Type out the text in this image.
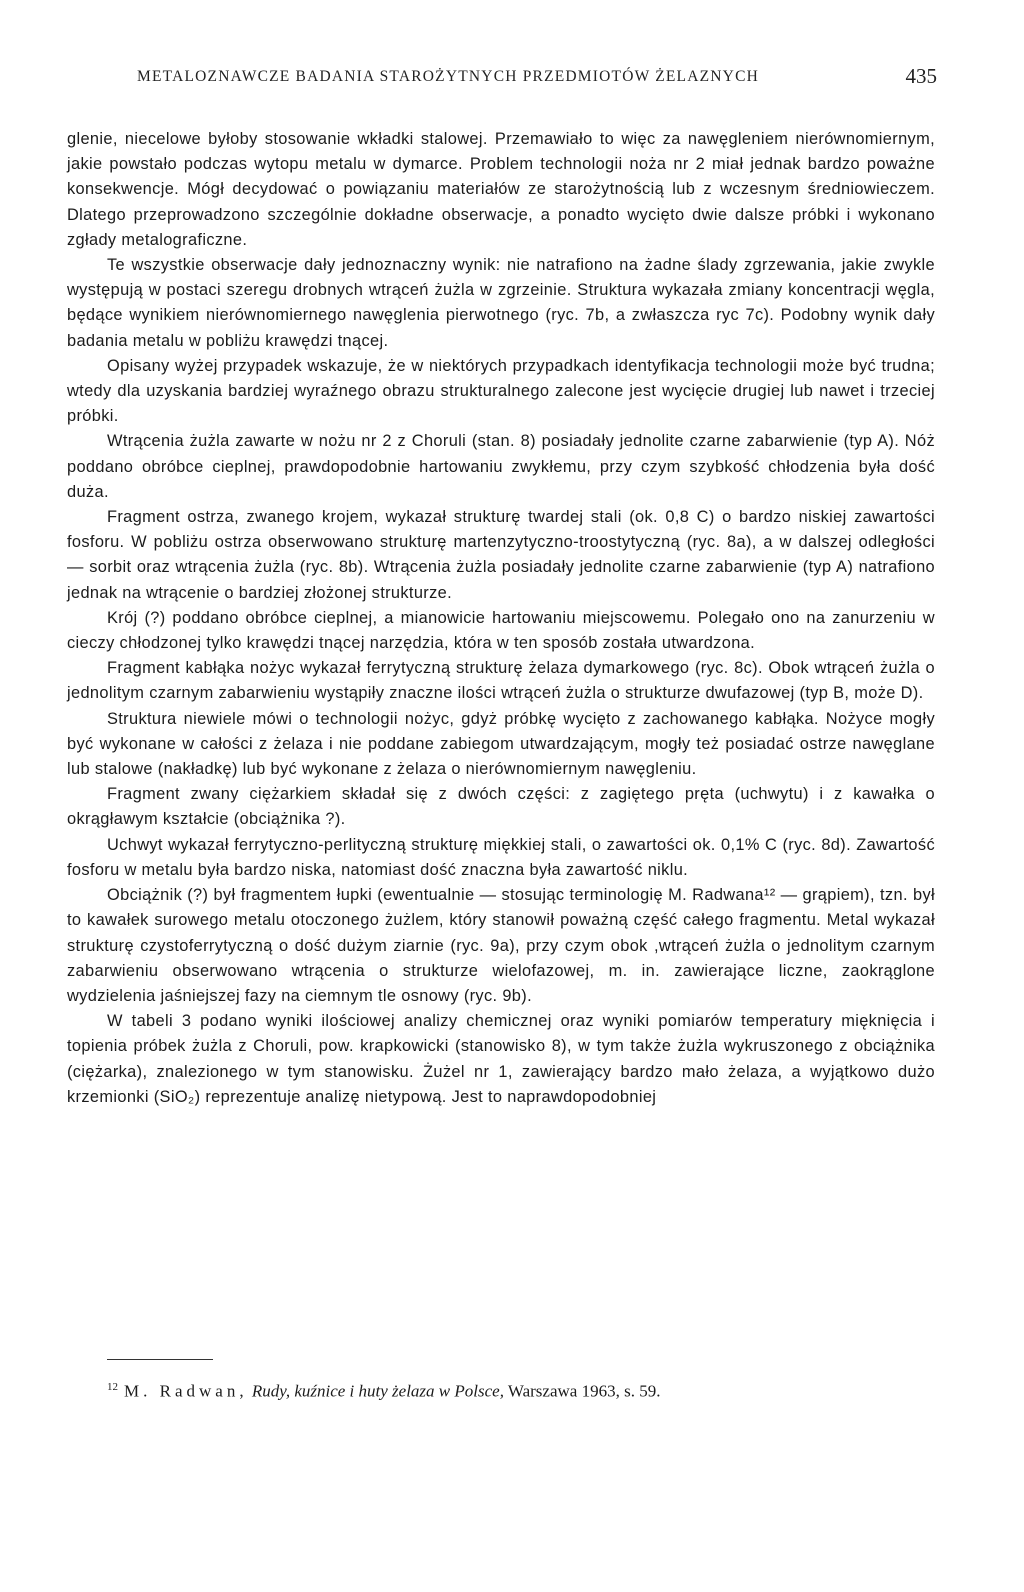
METALOZNAWCZE BADANIA STAROŻYTNYCH PRZEDMIOTÓW ŻELAZNYCH	435

glenie, niecelowe byłoby stosowanie wkładki stalowej. Przemawiało to więc za nawęgleniem nierównomiernym, jakie powstało podczas wytopu metalu w dymarce. Problem technologii noża nr 2 miał jednak bardzo poważne konsekwencje. Mógł decydować o powiązaniu materiałów ze starożytnością lub z wczesnym średniowieczem. Dlatego przeprowadzono szczególnie dokładne obserwacje, a ponadto wycięto dwie dalsze próbki i wykonano zgłady metalograficzne.

Te wszystkie obserwacje dały jednoznaczny wynik: nie natrafiono na żadne ślady zgrzewania, jakie zwykle występują w postaci szeregu drobnych wtrąceń żużla w zgrzeinie. Struktura wykazała zmiany koncentracji węgla, będące wynikiem nierównomiernego nawęglenia pierwotnego (ryc. 7b, a zwłaszcza ryc 7c). Podobny wynik dały badania metalu w pobliżu krawędzi tnącej.

Opisany wyżej przypadek wskazuje, że w niektórych przypadkach identyfikacja technologii może być trudna; wtedy dla uzyskania bardziej wyraźnego obrazu strukturalnego zalecone jest wycięcie drugiej lub nawet i trzeciej próbki.

Wtrącenia żużla zawarte w nożu nr 2 z Choruli (stan. 8) posiadały jednolite czarne zabarwienie (typ A). Nóż poddano obróbce cieplnej, prawdopodobnie hartowaniu zwykłemu, przy czym szybkość chłodzenia była dość duża.

Fragment ostrza, zwanego krojem, wykazał strukturę twardej stali (ok. 0,8 C) o bardzo niskiej zawartości fosforu. W pobliżu ostrza obserwowano strukturę martenzytyczno-troostytyczną (ryc. 8a), a w dalszej odległości — sorbit oraz wtrącenia żużla (ryc. 8b). Wtrącenia żużla posiadały jednolite czarne zabarwienie (typ A) natrafiono jednak na wtrącenie o bardziej złożonej strukturze.

Krój (?) poddano obróbce cieplnej, a mianowicie hartowaniu miejscowemu. Polegało ono na zanurzeniu w cieczy chłodzonej tylko krawędzi tnącej narzędzia, która w ten sposób została utwardzona.

Fragment kabłąka nożyc wykazał ferrytyczną strukturę żelaza dymarkowego (ryc. 8c). Obok wtrąceń żużla o jednolitym czarnym zabarwieniu wystąpiły znaczne ilości wtrąceń żużla o strukturze dwufazowej (typ B, może D).

Struktura niewiele mówi o technologii nożyc, gdyż próbkę wycięto z zachowanego kabłąka. Nożyce mogły być wykonane w całości z żelaza i nie poddane zabiegom utwardzającym, mogły też posiadać ostrze nawęglane lub stalowe (nakładkę) lub być wykonane z żelaza o nierównomiernym nawęgleniu.

Fragment zwany ciężarkiem składał się z dwóch części: z zagiętego pręta (uchwytu) i z kawałka o okrągławym kształcie (obciążnika ?).

Uchwyt wykazał ferrytyczno-perlityczną strukturę miękkiej stali, o zawartości ok. 0,1% C (ryc. 8d). Zawartość fosforu w metalu była bardzo niska, natomiast dość znaczna była zawartość niklu.

Obciążnik (?) był fragmentem łupki (ewentualnie — stosując terminologię M. Radwana¹² — grąpiem), tzn. był to kawałek surowego metalu otoczonego żużlem, który stanowił poważną część całego fragmentu. Metal wykazał strukturę czystoferrytyczną o dość dużym ziarnie (ryc. 9a), przy czym obok ,wtrąceń żużla o jednolitym czarnym zabarwieniu obserwowano wtrącenia o strukturze wielofazowej, m. in. zawierające liczne, zaokrąglone wydzielenia jaśniejszej fazy na ciemnym tle osnowy (ryc. 9b).

W tabeli 3 podano wyniki ilościowej analizy chemicznej oraz wyniki pomiarów temperatury mięknięcia i topienia próbek żużla z Choruli, pow. krapkowicki (stanowisko 8), w tym także żużla wykruszonego z obciążnika (ciężarka), znalezionego w tym stanowisku. Żużel nr 1, zawierający bardzo mało żelaza, a wyjątkowo dużo krzemionki (SiO₂) reprezentuje analizę nietypową. Jest to naprawdopodobniej

$^{12}$ M. Radwan, Rudy, kuźnice i huty żelaza w Polsce, Warszawa 1963, s. 59.
